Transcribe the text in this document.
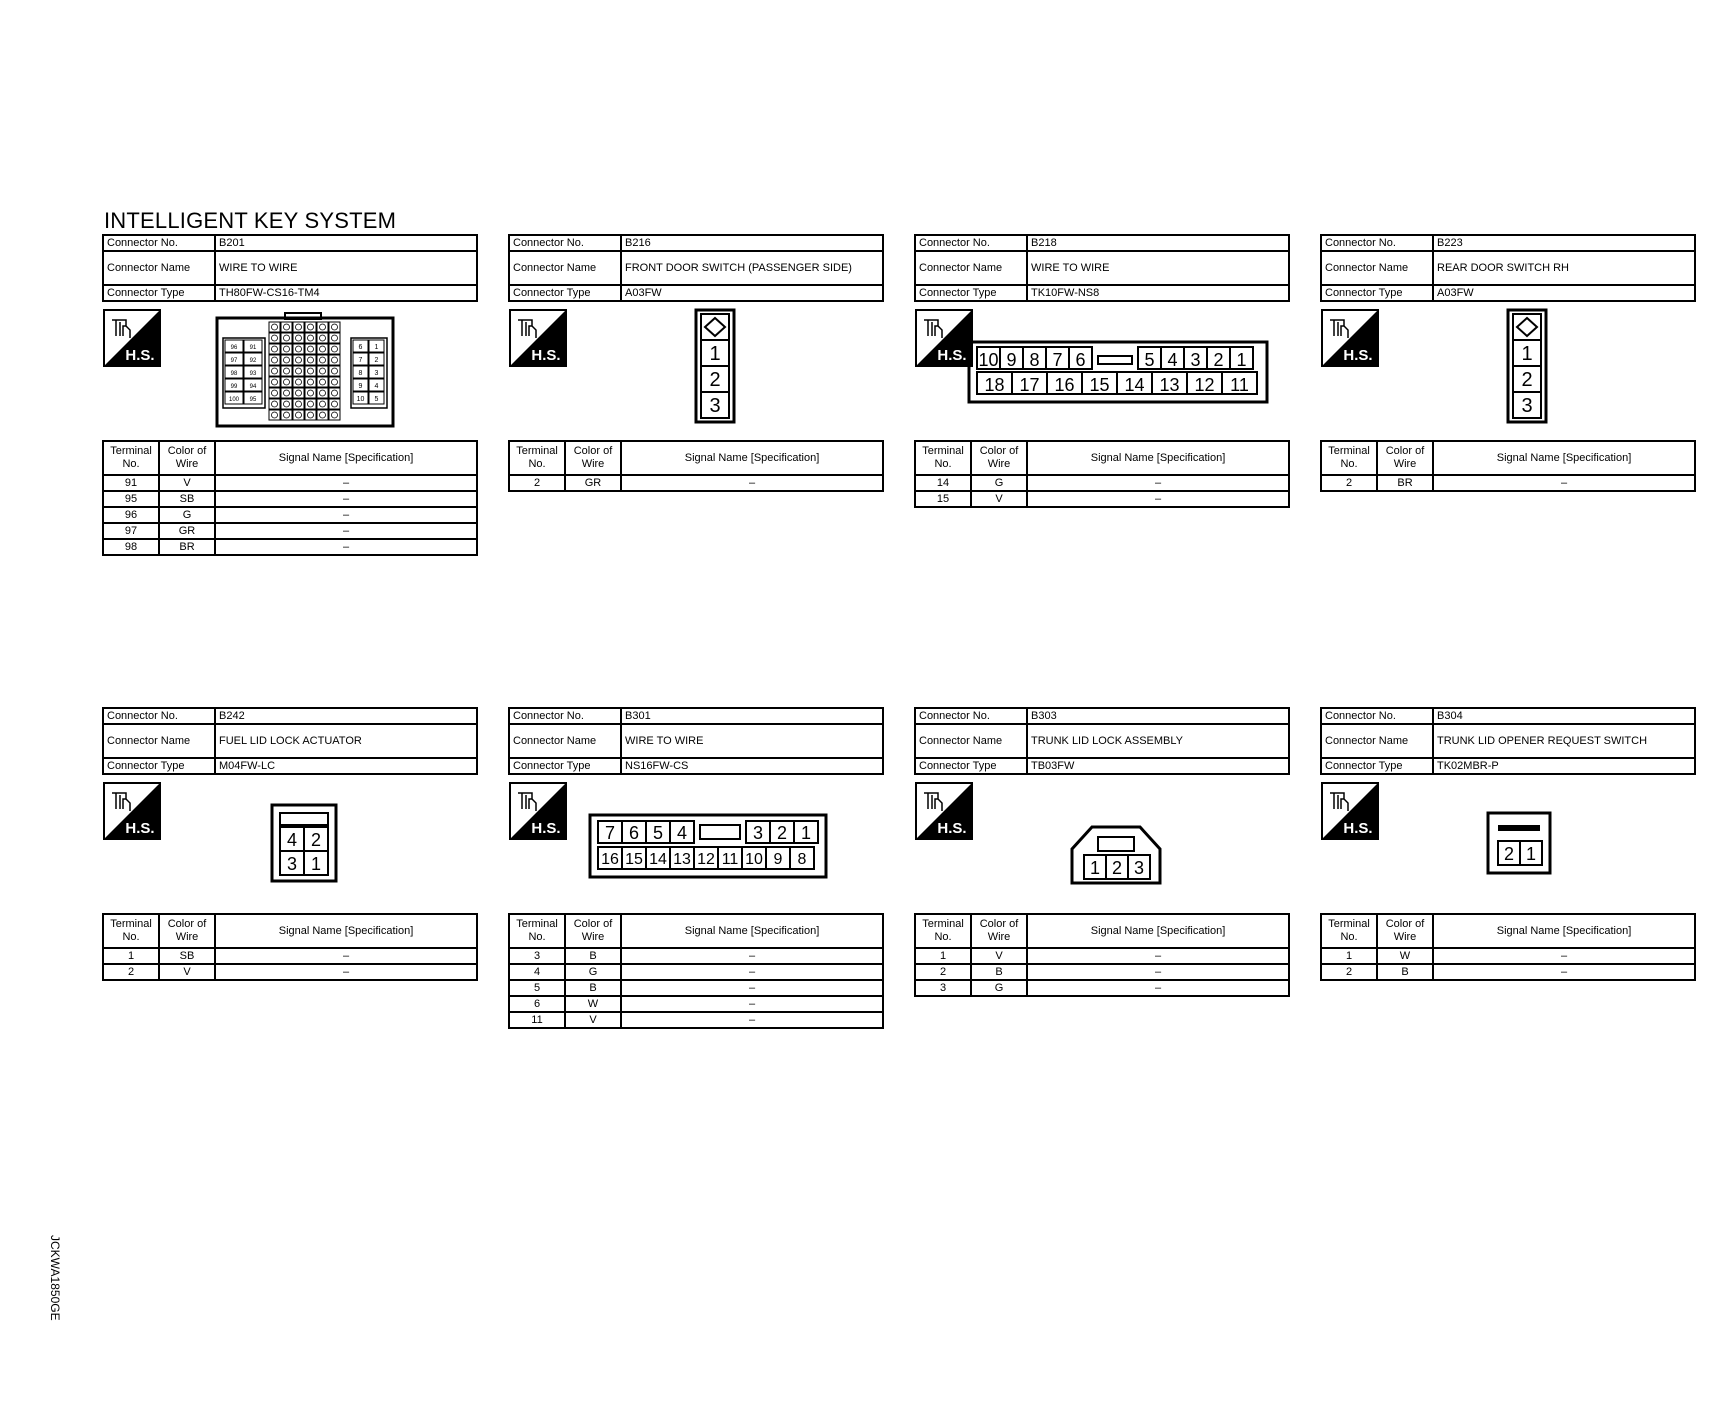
INTELLIGENT KEY SYSTEM
Connector No.	B201
Connector Name	WIRE TO WIRE
Connector Type	TH80FW-CS16-TM4
H.S.	96 91
97 92
98 93
99 94
100 95
6 1
7 2
8 3
9 4
10 5
Terminal No.	Color of Wire	Signal Name [Specification]
91	V	–
95	SB	–
96	G	–
97	GR	–
98	BR	–
Connector No.	B216
Connector Name	FRONT DOOR SWITCH (PASSENGER SIDE)
Connector Type	A03FW
H.S.	1
2
3
Terminal No.	Color of Wire	Signal Name [Specification]
2	GR	–
Connector No.	B218
Connector Name	WIRE TO WIRE
Connector Type	TK10FW-NS8
H.S. 10 9 8 7 6	5 4 3 2 1
18 17 16 15 14 13 12 11
Terminal No.	Color of Wire	Signal Name [Specification]
14	G	–
15	V	–
Connector No.	B223
Connector Name	REAR DOOR SWITCH RH
Connector Type	A03FW
H.S.	1
2
3
Terminal No.	Color of Wire	Signal Name [Specification]
2	BR	–
Connector No.	B242
Connector Name	FUEL LID LOCK ACTUATOR
Connector Type	M04FW-LC
H.S.
4 2
3 1
Terminal No.	Color of Wire	Signal Name [Specification]
1	SB	–
2	V	–
Connector No.	B301
Connector Name	WIRE TO WIRE
Connector Type	NS16FW-CS
H.S. 7 6 5 4	3 2 1
16 15 14 13 12 11 10 9 8
Terminal No.	Color of Wire	Signal Name [Specification]
3	B	–
4	G	–
5	B	–
6	W	–
11	V	–
Connector No.	B303
Connector Name	TRUNK LID LOCK ASSEMBLY
Connector Type	TB03FW
H.S.
1 2 3
Terminal No.	Color of Wire	Signal Name [Specification]
1	V	–
2	B	–
3	G	–
Connector No.	B304
Connector Name	TRUNK LID OPENER REQUEST SWITCH
Connector Type	TK02MBR-P
H.S.
2 1
Terminal No.	Color of Wire	Signal Name [Specification]
1	W	–
2	B	–
JCKWA1850GE
